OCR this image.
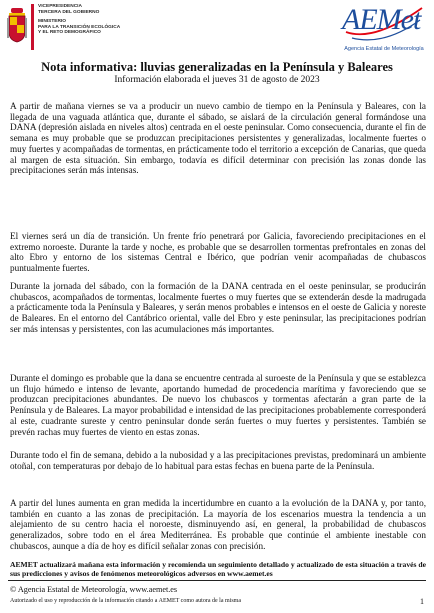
VICEPRESIDENCIA
TERCERA DEL GOBIERNO
MINISTERIO
PARA LA TRANSICIÓN ECOLÓGICA
Y EL RETO DEMOGRÁFICO	AEMet
Agencia Estatal de Meteorología
Nota informativa: lluvias generalizadas en la Península y Baleares
Información elaborada el jueves 31 de agosto de 2023

A partir de mañana viernes se va a producir un nuevo cambio de tiempo en la Península y Baleares, con la llegada de una vaguada atlántica que, durante el sábado, se aislará de la circulación general formándose una DANA (depresión aislada en niveles altos) centrada en el oeste peninsular. Como consecuencia, durante el fin de semana es muy probable que se produzcan precipitaciones persistentes y generalizadas, localmente fuertes o muy fuertes y acompañadas de tormentas, en prácticamente todo el territorio a excepción de Canarias, que queda al margen de esta situación. Sin embargo, todavía es difícil determinar con precisión las zonas donde las precipitaciones serán más intensas.

El viernes será un día de transición. Un frente frío penetrará por Galicia, favoreciendo precipitaciones en el extremo noroeste. Durante la tarde y noche, es probable que se desarrollen tormentas prefrontales en zonas del alto Ebro y entorno de los sistemas Central e Ibérico, que podrían venir acompañadas de chubascos puntualmente fuertes.

Durante la jornada del sábado, con la formación de la DANA centrada en el oeste peninsular, se producirán chubascos, acompañados de tormentas, localmente fuertes o muy fuertes que se extenderán desde la madrugada a prácticamente toda la Península y Baleares, y serán menos probables e intensos en el oeste de Galicia y noreste de Baleares. En el entorno del Cantábrico oriental, valle del Ebro y este peninsular, las precipitaciones podrían ser más intensas y persistentes, con las acumulaciones más importantes.

Durante el domingo es probable que la dana se encuentre centrada al suroeste de la Península y que se establezca un flujo húmedo e intenso de levante, aportando humedad de procedencia marítima y favoreciendo que se produzcan precipitaciones abundantes. De nuevo los chubascos y tormentas afectarán a gran parte de la Península y de Baleares. La mayor probabilidad e intensidad de las precipitaciones probablemente corresponderá al este, cuadrante sureste y centro peninsular donde serán fuertes o muy fuertes y persistentes. También se prevén rachas muy fuertes de viento en estas zonas.

Durante todo el fin de semana, debido a la nubosidad y a las precipitaciones previstas, predominará un ambiente otoñal, con temperaturas por debajo de lo habitual para estas fechas en buena parte de la Península.

A partir del lunes aumenta en gran medida la incertidumbre en cuanto a la evolución de la DANA y, por tanto, también en cuanto a las zonas de precipitación. La mayoría de los escenarios muestra la tendencia a un alejamiento de su centro hacia el noroeste, disminuyendo así, en general, la probabilidad de chubascos generalizados, sobre todo en el área Mediterránea. Es probable que continúe el ambiente inestable con chubascos, aunque a día de hoy es difícil señalar zonas con precisión.

AEMET actualizará mañana esta información y recomienda un seguimiento detallado y actualizado de esta situación a través de sus predicciones y avisos de fenómenos meteorológicos adversos en www.aemet.es

© Agencia Estatal de Meteorología, www.aemet.es
Autorizado el uso y reproducción de la información citando a AEMET como autora de la misma	1
